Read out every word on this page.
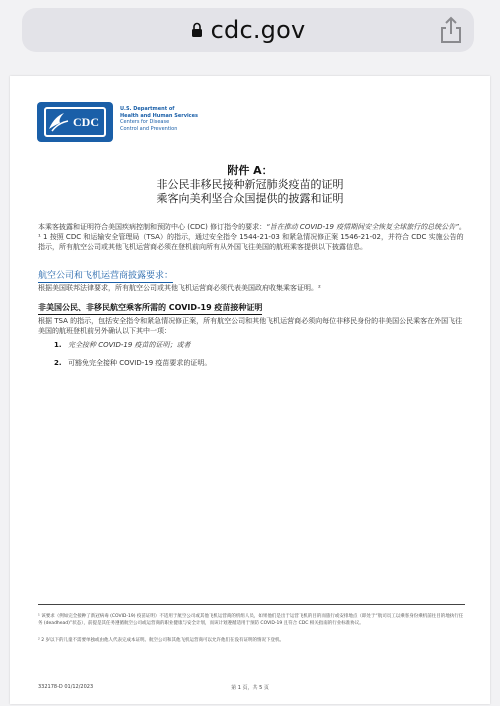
cdc.gov
CDC
U.S. Department of
Health and Human Services
Centers for Disease
Control and Prevention
附件 A：
非公民非移民接种新冠肺炎疫苗的证明
乘客向美利坚合众国提供的披露和证明
本乘客披露和证明符合美国疾病控制和预防中心 (CDC) 修订指令的要求：“旨在推动 COVID-19 疫情期间安全恢复全球旅行的总统公告”。¹ 1 按照 CDC 和运输安全管理局（TSA）的指示，通过安全指令 1544-21-03 和紧急情况修正案 1546-21-02，并符合 CDC 实施公告的指示，所有航空公司或其他飞机运营商必须在登机前向所有从外国飞往美国的航班乘客提供以下披露信息。
航空公司和飞机运营商披露要求：
根据美国联邦法律要求，所有航空公司或其他飞机运营商必须代表美国政府收集乘客证明。²
非美国公民、非移民航空乘客所需的 COVID-19 疫苗接种证明
根据 TSA 的指示，包括安全指令和紧急情况修正案，所有航空公司和其他飞机运营商必须向每位非移民身份的非美国公民乘客在外国飞往美国的航班登机前另外确认以下其中一项：
1. 完全接种 COVID-19 疫苗的证明；或者
2. 可豁免完全接种 COVID-19 疫苗要求的证明。
¹ 该要求（例如完全接种了新冠病毒 (COVID-19) 疫苗证明）不适用于航空公司或其他飞机运营商的机组人员，如果他们是出于运营飞机的目的而旅行或安排地点（即处于“航司员工以乘客身份乘机前往目的地执行任务 (deadhead)”状态），前提是其任务遵循航空公司或运营商的职业健康与安全计划，而该计划遵循适用于预防 COVID-19 且符合 CDC 相关指南的行业标准协议。
² 2 岁以下的儿童不需要单独或由他人代表完成本证明。航空公司和其他飞机运营商可以允许他们在没有证明的情况下登机。
332178-D 01/12/2023	第 1 页，共 5 页
